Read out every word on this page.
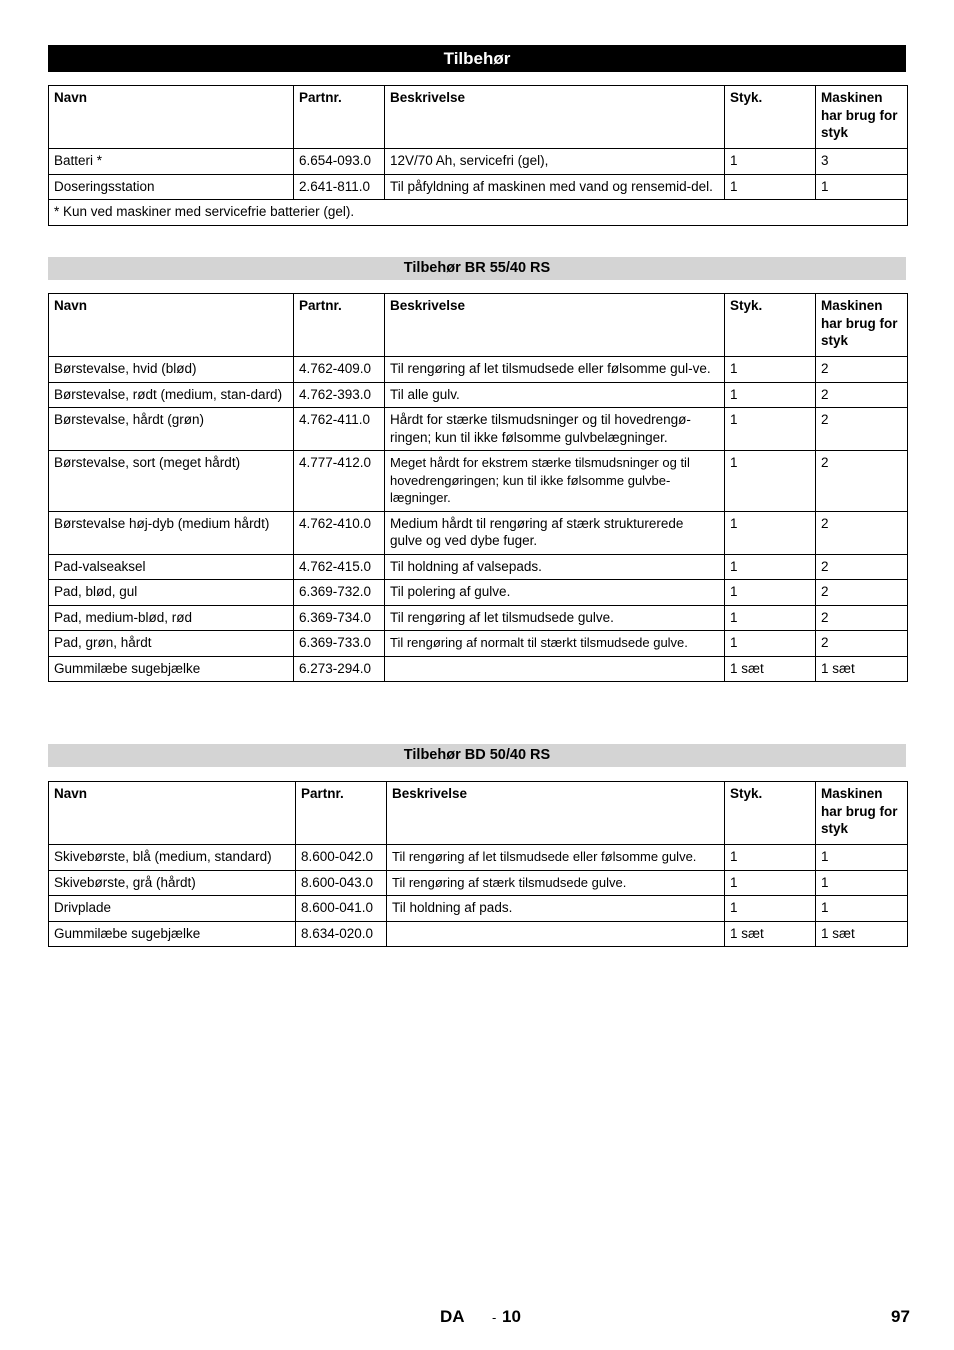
Tilbehør
Navn	Partnr.	Beskrivelse	Styk.	Maskinen har brug for styk
Batteri *	6.654-093.0	12V/70 Ah, servicefri (gel),	1	3
Doseringsstation	2.641-811.0	Til påfyldning af maskinen med vand og rensemid-del.	1	1
* Kun ved maskiner med servicefrie batterier (gel).				
Tilbehør BR 55/40 RS
Navn	Partnr.	Beskrivelse	Styk.	Maskinen har brug for styk
Børstevalse, hvid (blød)	4.762-409.0	Til rengøring af let tilsmudsede eller følsomme gul-ve.	1	2
Børstevalse, rødt (medium, stan-dard)	4.762-393.0	Til alle gulv.	1	2
Børstevalse, hårdt (grøn)	4.762-411.0	Hårdt for stærke tilsmudsninger og til hovedrengø-ringen; kun til ikke følsomme gulvbelægninger.	1	2
Børstevalse, sort (meget hårdt)	4.777-412.0	Meget hårdt for ekstrem stærke tilsmudsninger og til hovedrengøringen; kun til ikke følsomme gulvbe-lægninger.	1	2
Børstevalse høj-dyb (medium hårdt)	4.762-410.0	Medium hårdt til rengøring af stærk strukturerede gulve og ved dybe fuger.	1	2
Pad-valseaksel	4.762-415.0	Til holdning af valsepads.	1	2
Pad, blød, gul	6.369-732.0	Til polering af gulve.	1	2
Pad, medium-blød, rød	6.369-734.0	Til rengøring af let tilsmudsede gulve.	1	2
Pad, grøn, hårdt	6.369-733.0	Til rengøring af normalt til stærkt tilsmudsede gulve.	1	2
Gummilæbe sugebjælke	6.273-294.0		1 sæt	1 sæt
Tilbehør BD 50/40 RS
Navn	Partnr.	Beskrivelse	Styk.	Maskinen har brug for styk
Skivebørste, blå (medium, standard)	8.600-042.0	Til rengøring af let tilsmudsede eller følsomme gulve.	1	1
Skivebørste, grå (hårdt)	8.600-043.0	Til rengøring af stærk tilsmudsede gulve.	1	1
Drivplade	8.600-041.0	Til holdning af pads.	1	1
Gummilæbe sugebjælke	8.634-020.0		1 sæt	1 sæt
DA - 10	97
